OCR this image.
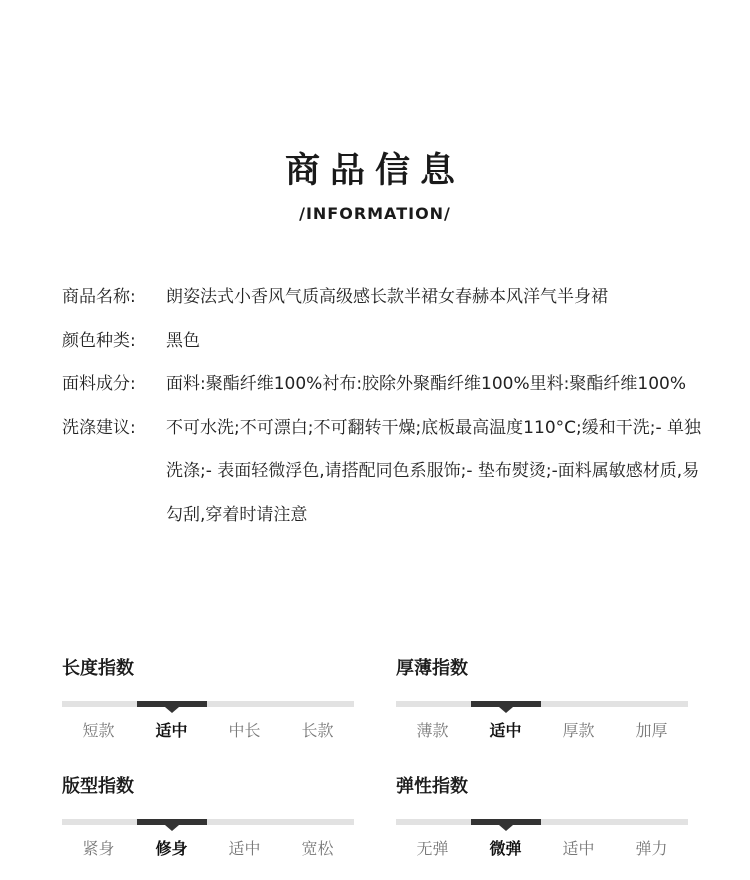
商品信息
/INFORMATION/
商品名称:	朗姿法式小香风气质高级感长款半裙女春赫本风洋气半身裙
颜色种类:	黑色
面料成分:	面料:聚酯纤维100%衬布:胶除外聚酯纤维100%里料:聚酯纤维100%
洗涤建议:	不可水洗;不可漂白;不可翻转干燥;底板最高温度110°C;缓和干洗;- 单独洗涤;- 表面轻微浮色,请搭配同色系服饰;- 垫布熨烫;-面料属敏感材质,易勾刮,穿着时请注意
长度指数
短款	适中	中长	长款
厚薄指数
薄款	适中	厚款	加厚
版型指数
紧身	修身	适中	宽松
弹性指数
无弹	微弹	适中	弹力
